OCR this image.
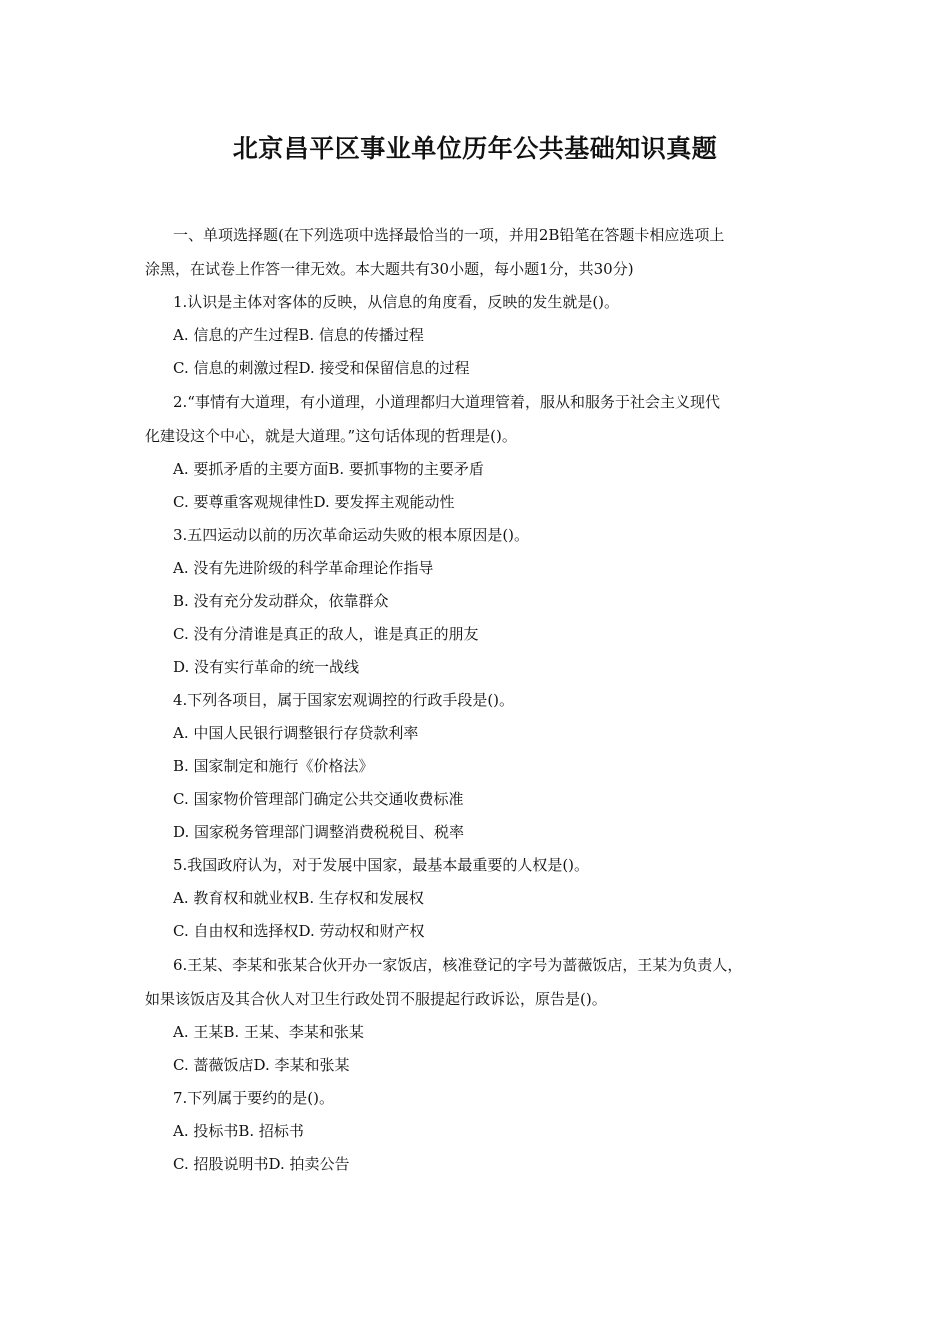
北京昌平区事业单位历年公共基础知识真题
一、单项选择题(在下列选项中选择最恰当的一项，并用2B铅笔在答题卡相应选项上
涂黑，在试卷上作答一律无效。本大题共有30小题，每小题1分，共30分)
1.认识是主体对客体的反映，从信息的角度看，反映的发生就是()。
A. 信息的产生过程B. 信息的传播过程
C. 信息的刺激过程D. 接受和保留信息的过程
2.“事情有大道理，有小道理，小道理都归大道理管着，服从和服务于社会主义现代
化建设这个中心，就是大道理。”这句话体现的哲理是()。
A. 要抓矛盾的主要方面B. 要抓事物的主要矛盾
C. 要尊重客观规律性D. 要发挥主观能动性
3.五四运动以前的历次革命运动失败的根本原因是()。
A. 没有先进阶级的科学革命理论作指导
B. 没有充分发动群众，依靠群众
C. 没有分清谁是真正的敌人，谁是真正的朋友
D. 没有实行革命的统一战线
4.下列各项目，属于国家宏观调控的行政手段是()。
A. 中国人民银行调整银行存贷款利率
B. 国家制定和施行《价格法》
C. 国家物价管理部门确定公共交通收费标准
D. 国家税务管理部门调整消费税税目、税率
5.我国政府认为，对于发展中国家，最基本最重要的人权是()。
A. 教育权和就业权B. 生存权和发展权
C. 自由权和选择权D. 劳动权和财产权
6.王某、李某和张某合伙开办一家饭店，核准登记的字号为蔷薇饭店，王某为负责人，
如果该饭店及其合伙人对卫生行政处罚不服提起行政诉讼，原告是()。
A. 王某B. 王某、李某和张某
C. 蔷薇饭店D. 李某和张某
7.下列属于要约的是()。
A. 投标书B. 招标书
C. 招股说明书D. 拍卖公告
